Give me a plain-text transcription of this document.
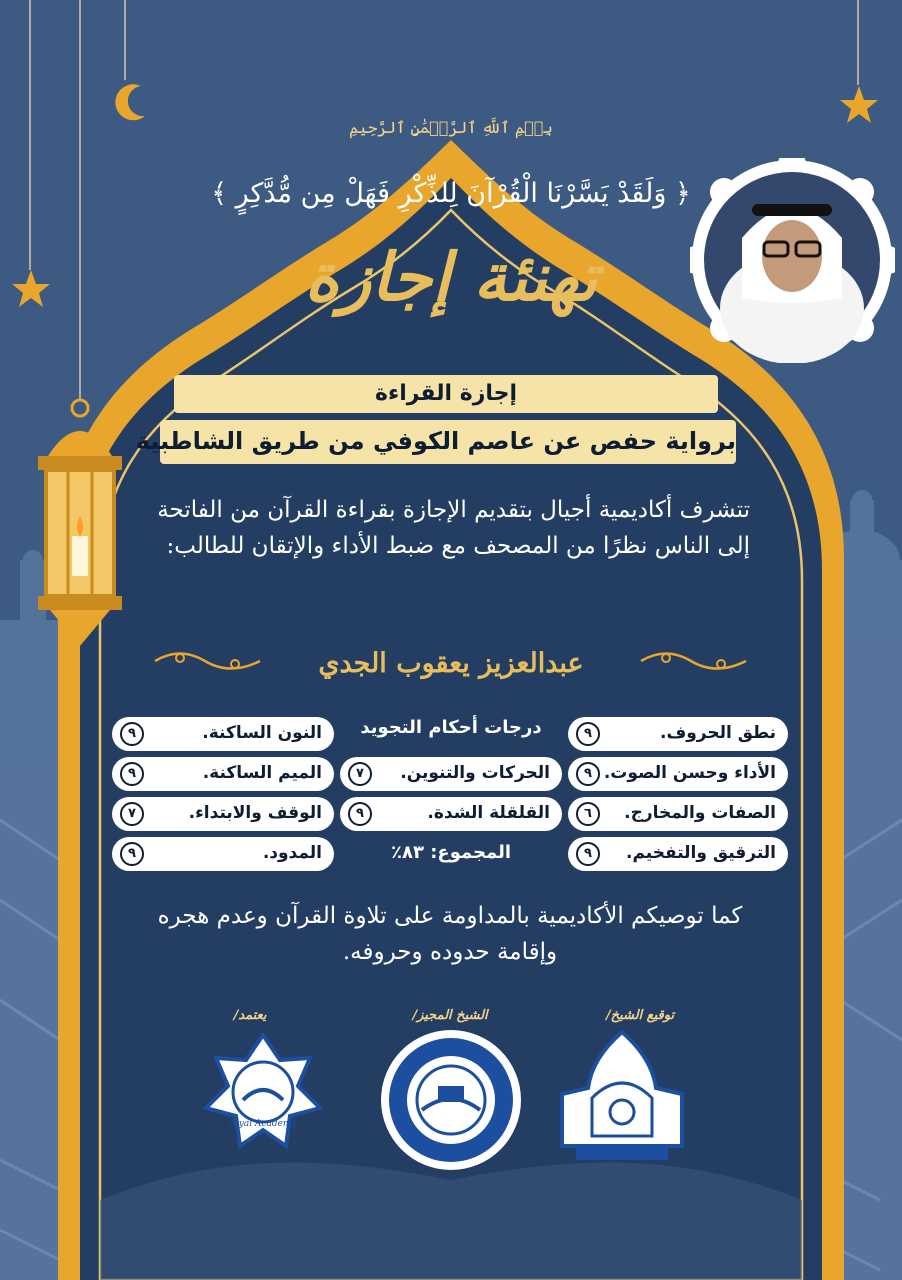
بِسۡمِ ٱللَّهِ ٱلرَّحۡمَٰنِ ٱلرَّحِيمِ
﴿ وَلَقَدْ يَسَّرْنَا الْقُرْآنَ لِلذِّكْرِ فَهَلْ مِن مُّدَّكِرٍ ﴾
تهنئة إجازة
إجازة القراءة
برواية حفص عن عاصم الكوفي من طريق الشاطبية
تتشرف أكاديمية أجيال بتقديم الإجازة بقراءة القرآن من الفاتحة إلى الناس نظرًا من المصحف مع ضبط الأداء والإتقان للطالب:
عبدالعزيز يعقوب الجدي
نطق الحروف.
٩
الأداء وحسن الصوت.
٩
الصفات والمخارج.
٦
الترقيق والتفخيم.
٩
درجات أحكام التجويد
الحركات والتنوين.
٧
القلقلة الشدة.
٩
المجموع: ٨٣٪
النون الساكنة.
٩
الميم الساكنة.
٩
الوقف والابتداء.
٧
المدود.
٩
كما توصيكم الأكاديمية بالمداومة على تلاوة القرآن وعدم هجره وإقامة حدوده وحروفه.
يعتمد/	الشيخ المجيز/	توقيع الشيخ/
Ajyal Academy
